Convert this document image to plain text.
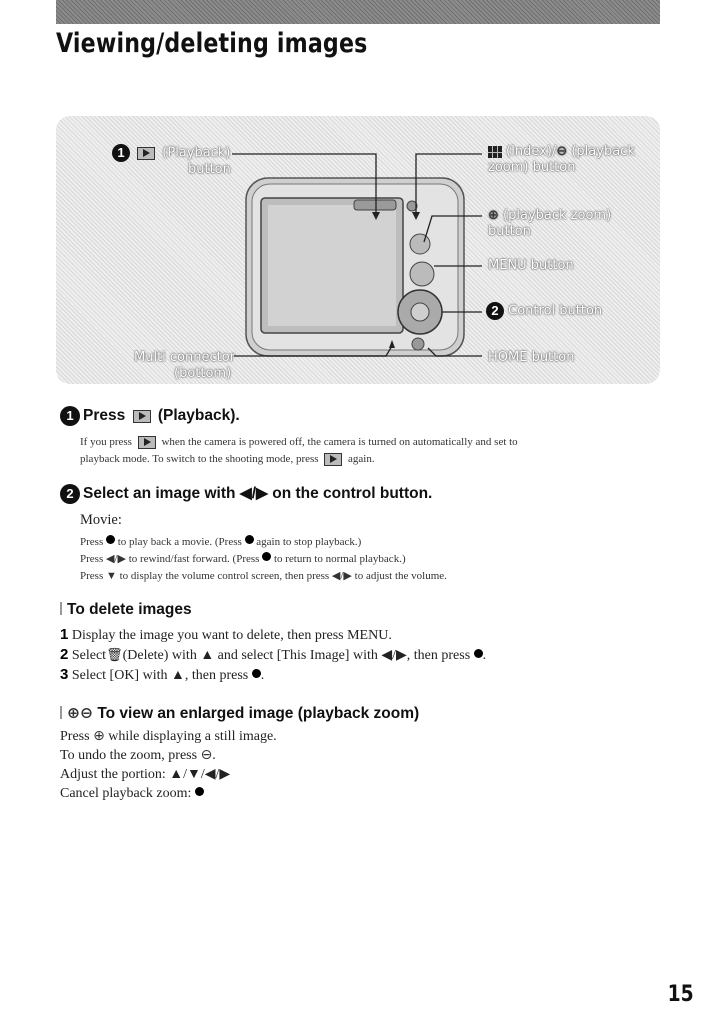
Viewing/deleting images
1	(Playback)
button
(Index)/⊖ (playback
zoom) button
⊕ (playback zoom)
button
MENU button
2 Control button
Multi connector
(bottom)
HOME button
1 Press (Playback).
If you press	when the camera is powered off, the camera is turned on automatically and set to
playback mode. To switch to the shooting mode, press	again.
2 Select an image with ◀/▶ on the control button.
Movie:
Press to play back a movie. (Press again to stop playback.)
Press ◀/▶ to rewind/fast forward. (Press to return to normal playback.)
Press ▼ to display the volume control screen, then press ◀/▶ to adjust the volume.
To delete images
1 Display the image you want to delete, then press MENU.
2 Select🗑(Delete) with ▲ and select [This Image] with ◀/▶, then press .
3 Select [OK] with ▲, then press .
⊕⊖ To view an enlarged image (playback zoom)
Press ⊕ while displaying a still image.
To undo the zoom, press ⊖.
Adjust the portion: ▲/▼/◀/▶
Cancel playback zoom:
15
